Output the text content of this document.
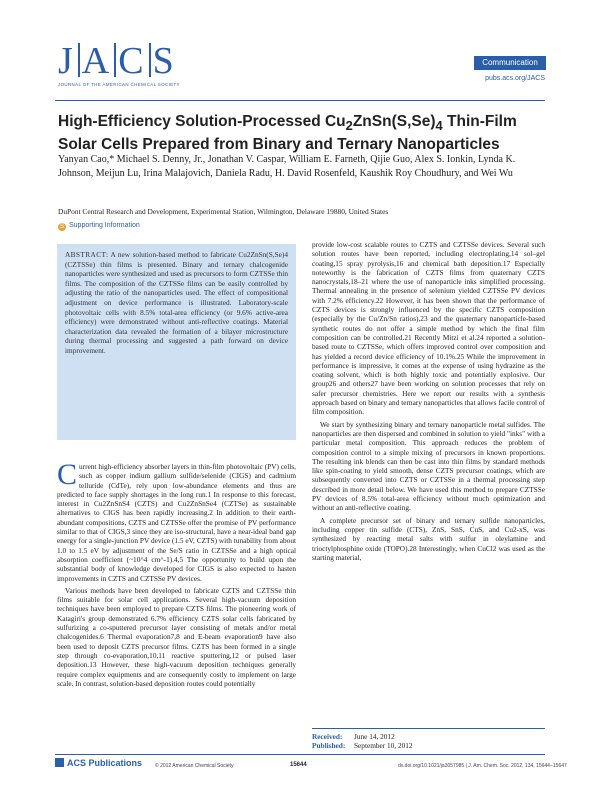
J A C S
JOURNAL OF THE AMERICAN CHEMICAL SOCIETY
Communication
pubs.acs.org/JACS
High-Efficiency Solution-Processed $Cu_2ZnSn(S,Se)_4$ Thin-Film Solar Cells Prepared from Binary and Ternary Nanoparticles
Yanyan Cao,* Michael S. Denny, Jr., Jonathan V. Caspar, William E. Farneth, Qijie Guo, Alex S. Ionkin, Lynda K. Johnson, Meijun Lu, Irina Malajovich, Daniela Radu, H. David Rosenfeld, Kaushik Roy Choudhury, and Wei Wu
DuPont Central Research and Development, Experimental Station, Wilmington, Delaware 19880, United States
S Supporting Information
ABSTRACT: A new solution-based method to fabricate Cu2ZnSn(S,Se)4 (CZTSSe) thin films is presented. Binary and ternary chalcogenide nanoparticles were synthesized and used as precursors to form CZTSSe thin films. The composition of the CZTSSe films can be easily controlled by adjusting the ratio of the nanoparticles used. The effect of compositional adjustment on device performance is illustrated. Laboratory-scale photovoltaic cells with 8.5% total-area efficiency (or 9.6% active-area efficiency) were demonstrated without anti-reflective coatings. Material characterization data revealed the formation of a bilayer microstructure during thermal processing and suggested a path forward on device improvement.

Current high-efficiency absorber layers in thin-film photovoltaic (PV) cells, such as copper indium gallium sulfide/selenide (CIGS) and cadmium telluride (CdTe), rely upon low-abundance elements and thus are predicted to face supply shortages in the long run.1 In response to this forecast, interest in Cu2ZnSnS4 (CZTS) and Cu2ZnSnSe4 (CZTSe) as sustainable alternatives to CIGS has been rapidly increasing.2 In addition to their earth-abundant compositions, CZTS and CZTSSe offer the promise of PV performance similar to that of CIGS,3 since they are iso-structural, have a near-ideal band gap energy for a single-junction PV device (1.5 eV, CZTS) with tunability from about 1.0 to 1.5 eV by adjustment of the Se/S ratio in CZTSSe and a high optical absorption coefficient (~10^4 cm^-1).4,5 The opportunity to build upon the substantial body of knowledge developed for CIGS is also expected to hasten improvements in CZTS and CZTSSe PV devices.

Various methods have been developed to fabricate CZTS and CZTSSe thin films suitable for solar cell applications. Several high-vacuum deposition techniques have been employed to prepare CZTS films. The pioneering work of Katagiri's group demonstrated 6.7% efficiency CZTS solar cells fabricated by sulfurizing a co-sputtered precursor layer consisting of metals and/or metal chalcogenides.6 Thermal evaporation7,8 and E-beam evaporation9 have also been used to deposit CZTS precursor films. CZTS has been formed in a single step through co-evaporation,10,11 reactive sputtering,12 or pulsed laser deposition.13 However, these high-vacuum deposition techniques generally require complex equipments and are consequently costly to implement on large scale. In contrast, solution-based deposition routes could potentially

provide low-cost scalable routes to CZTS and CZTSSe devices. Several such solution routes have been reported, including electroplating,14 sol–gel coating,15 spray pyrolysis,16 and chemical bath deposition.17 Especially noteworthy is the fabrication of CZTS films from quaternary CZTS nanocrystals,18–21 where the use of nanoparticle inks simplified processing. Thermal annealing in the presence of selenium yielded CZTSSe PV devices with 7.2% efficiency.22 However, it has been shown that the performance of CZTS devices is strongly influenced by the specific CZTS composition (especially by the Cu/Zn/Sn ratios),23 and the quaternary nanoparticle-based synthetic routes do not offer a simple method by which the final film composition can be controlled.21 Recently Mitzi et al.24 reported a solution-based route to CZTSSe, which offers improved control over composition and has yielded a record device efficiency of 10.1%.25 While the improvement in performance is impressive, it comes at the expense of using hydrazine as the coating solvent, which is both highly toxic and potentially explosive. Our group26 and others27 have been working on solution processes that rely on safer precursor chemistries. Here we report our results with a synthesis approach based on binary and ternary nanoparticles that allows facile control of film composition.

We start by synthesizing binary and ternary nanoparticle metal sulfides. The nanoparticles are then dispersed and combined in solution to yield "inks" with a particular metal composition. This approach reduces the problem of composition control to a simple mixing of precursors in known proportions. The resulting ink blends can then be cast into thin films by standard methods like spin-coating to yield smooth, dense CZTS precursor coatings, which are subsequently converted into CZTS or CZTSSe in a thermal processing step described in more detail below. We have used this method to prepare CZTSSe PV devices of 8.5% total-area efficiency without much optimization and without an anti-reflective coating.

A complete precursor set of binary and ternary sulfide nanoparticles, including copper tin sulfide (CTS), ZnS, SnS, CuS, and Cu2-xS, was synthesized by reacting metal salts with sulfur in oleylamine and trioctylphosphine oxide (TOPO).28 Interestingly, when CuCl2 was used as the starting material,

Received: June 14, 2012
Published: September 10, 2012
ACS Publications	© 2012 American Chemical Society	15644	dx.doi.org/10.1021/ja3057985 | J. Am. Chem. Soc. 2012, 134, 15644−15647
